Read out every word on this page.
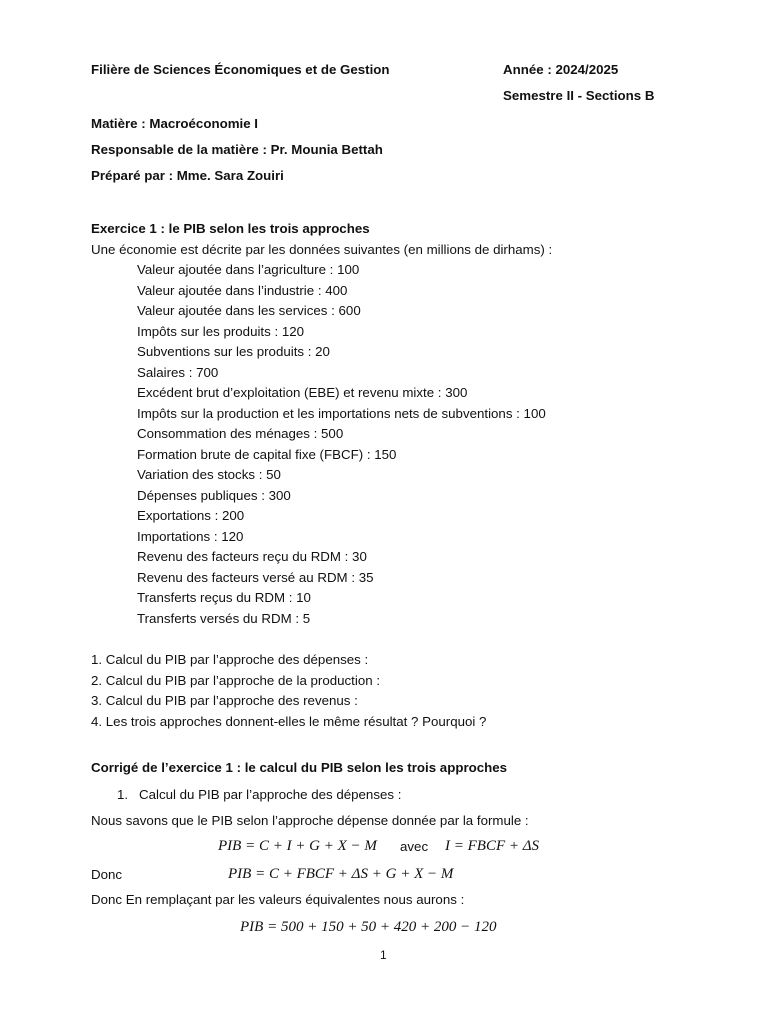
Filière de Sciences Économiques et de Gestion	Année : 2024/2025
Semestre II - Sections B
Matière : Macroéconomie I
Responsable de la matière : Pr. Mounia Bettah
Préparé par : Mme. Sara Zouiri
Exercice 1 : le PIB selon les trois approches
Une économie est décrite par les données suivantes (en millions de dirhams) :
Valeur ajoutée dans l’agriculture : 100
Valeur ajoutée dans l’industrie : 400
Valeur ajoutée dans les services : 600
Impôts sur les produits : 120
Subventions sur les produits : 20
Salaires : 700
Excédent brut d’exploitation (EBE) et revenu mixte : 300
Impôts sur la production et les importations nets de subventions : 100
Consommation des ménages : 500
Formation brute de capital fixe (FBCF) : 150
Variation des stocks : 50
Dépenses publiques : 300
Exportations : 200
Importations : 120
Revenu des facteurs reçu du RDM : 30
Revenu des facteurs versé au RDM : 35
Transferts reçus du RDM : 10
Transferts versés du RDM : 5
1. Calcul du PIB par l’approche des dépenses :
2. Calcul du PIB par l’approche de la production :
3. Calcul du PIB par l’approche des revenus :
4. Les trois approches donnent-elles le même résultat ? Pourquoi ?
Corrigé de l’exercice 1 : le calcul du PIB selon les trois approches
1. Calcul du PIB par l’approche des dépenses :
Nous savons que le PIB selon l’approche dépense donnée par la formule :
PIB = C + I + G + X − M avec I = FBCF + ΔS
Donc	PIB = C + FBCF + ΔS + G + X − M
Donc En remplaçant par les valeurs équivalentes nous aurons :
PIB = 500 + 150 + 50 + 420 + 200 − 120
1
